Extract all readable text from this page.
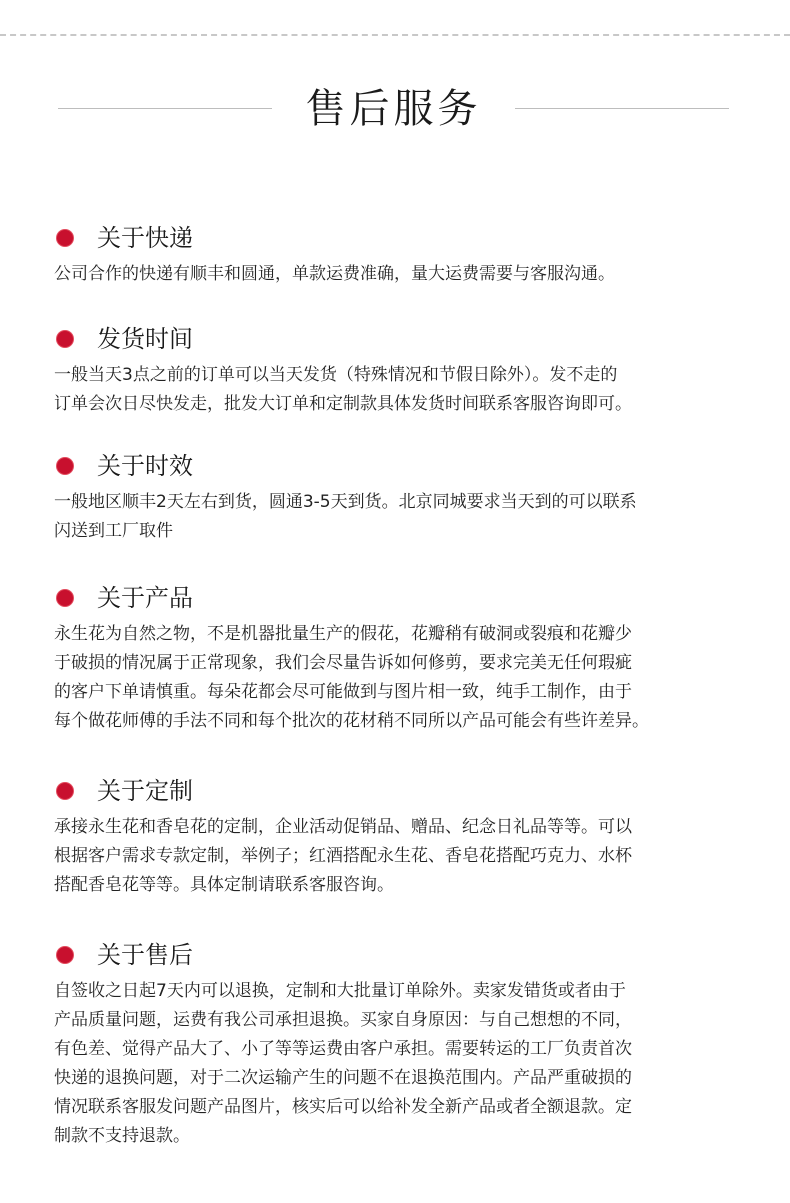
售后服务
关于快递
公司合作的快递有顺丰和圆通，单款运费准确，量大运费需要与客服沟通。
发货时间
一般当天3点之前的订单可以当天发货（特殊情况和节假日除外）。发不走的
订单会次日尽快发走，批发大订单和定制款具体发货时间联系客服咨询即可。
关于时效
一般地区顺丰2天左右到货，圆通3-5天到货。北京同城要求当天到的可以联系
闪送到工厂取件
关于产品
永生花为自然之物，不是机器批量生产的假花，花瓣稍有破洞或裂痕和花瓣少
于破损的情况属于正常现象，我们会尽量告诉如何修剪，要求完美无任何瑕疵
的客户下单请慎重。每朵花都会尽可能做到与图片相一致，纯手工制作，由于
每个做花师傅的手法不同和每个批次的花材稍不同所以产品可能会有些许差异。
关于定制
承接永生花和香皂花的定制，企业活动促销品、赠品、纪念日礼品等等。可以
根据客户需求专款定制，举例子；红酒搭配永生花、香皂花搭配巧克力、水杯
搭配香皂花等等。具体定制请联系客服咨询。
关于售后
自签收之日起7天内可以退换，定制和大批量订单除外。卖家发错货或者由于
产品质量问题，运费有我公司承担退换。买家自身原因：与自己想想的不同，
有色差、觉得产品大了、小了等等运费由客户承担。需要转运的工厂负责首次
快递的退换问题，对于二次运输产生的问题不在退换范围内。产品严重破损的
情况联系客服发问题产品图片，核实后可以给补发全新产品或者全额退款。定
制款不支持退款。
